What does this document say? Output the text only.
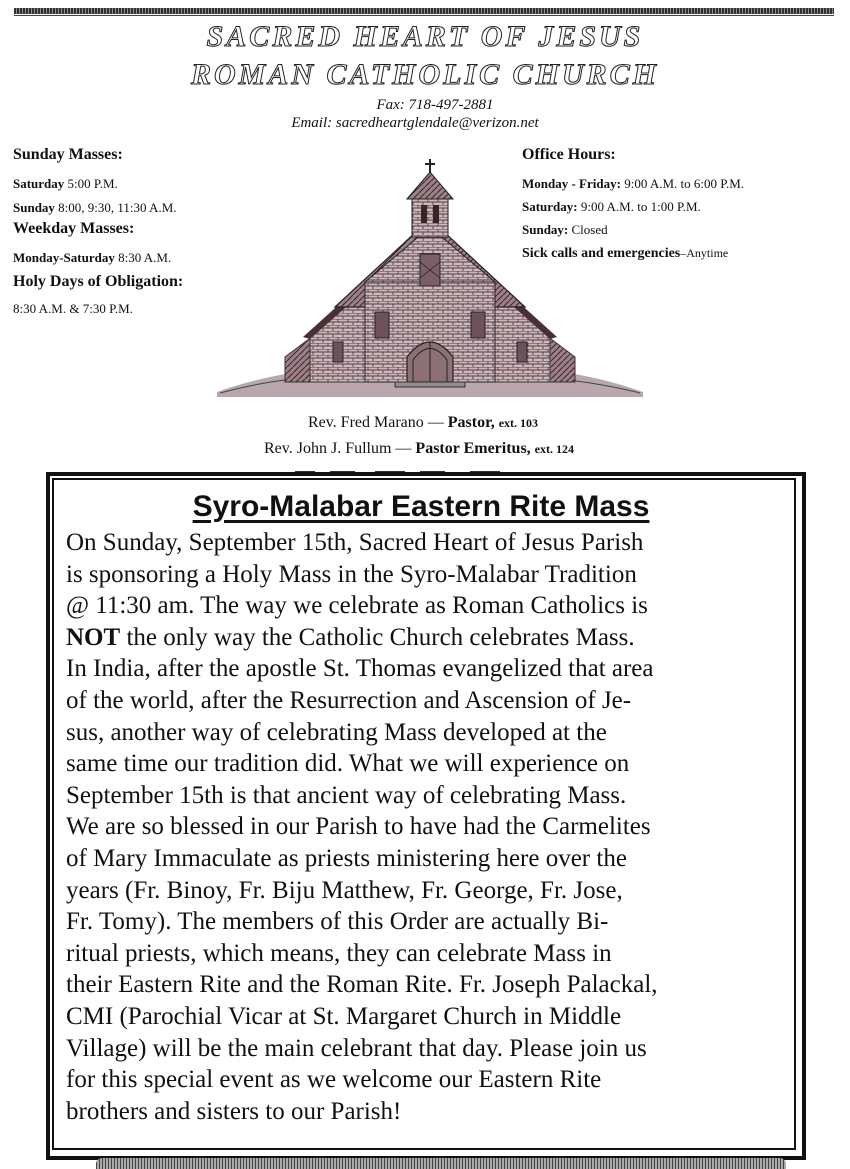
SACRED HEART OF JESUS
ROMAN CATHOLIC CHURCH
Fax: 718-497-2881
Email: sacredheartglendale@verizon.net
Sunday Masses:
Saturday 5:00 P.M.
Sunday 8:00, 9:30, 11:30 A.M.
Weekday Masses:
Monday-Saturday 8:30 A.M.
Holy Days of Obligation:
8:30 A.M. & 7:30 P.M.
Office Hours:
Monday - Friday: 9:00 A.M. to 6:00 P.M.
Saturday: 9:00 A.M. to 1:00 P.M.
Sunday: Closed
Sick calls and emergencies–Anytime
Rev. Fred Marano — Pastor, ext. 103
Rev. John J. Fullum — Pastor Emeritus, ext. 124
Syro-Malabar Eastern Rite Mass
On Sunday, September 15th, Sacred Heart of Jesus Parish
is sponsoring a Holy Mass in the Syro-Malabar Tradition
@ 11:30 am. The way we celebrate as Roman Catholics is
NOT the only way the Catholic Church celebrates Mass.
In India, after the apostle St. Thomas evangelized that area
of the world, after the Resurrection and Ascension of Je-
sus, another way of celebrating Mass developed at the
same time our tradition did. What we will experience on
September 15th is that ancient way of celebrating Mass.
We are so blessed in our Parish to have had the Carmelites
of Mary Immaculate as priests ministering here over the
years (Fr. Binoy, Fr. Biju Matthew, Fr. George, Fr. Jose,
Fr. Tomy). The members of this Order are actually Bi-
ritual priests, which means, they can celebrate Mass in
their Eastern Rite and the Roman Rite. Fr. Joseph Palackal,
CMI (Parochial Vicar at St. Margaret Church in Middle
Village) will be the main celebrant that day. Please join us
for this special event as we welcome our Eastern Rite
brothers and sisters to our Parish!
